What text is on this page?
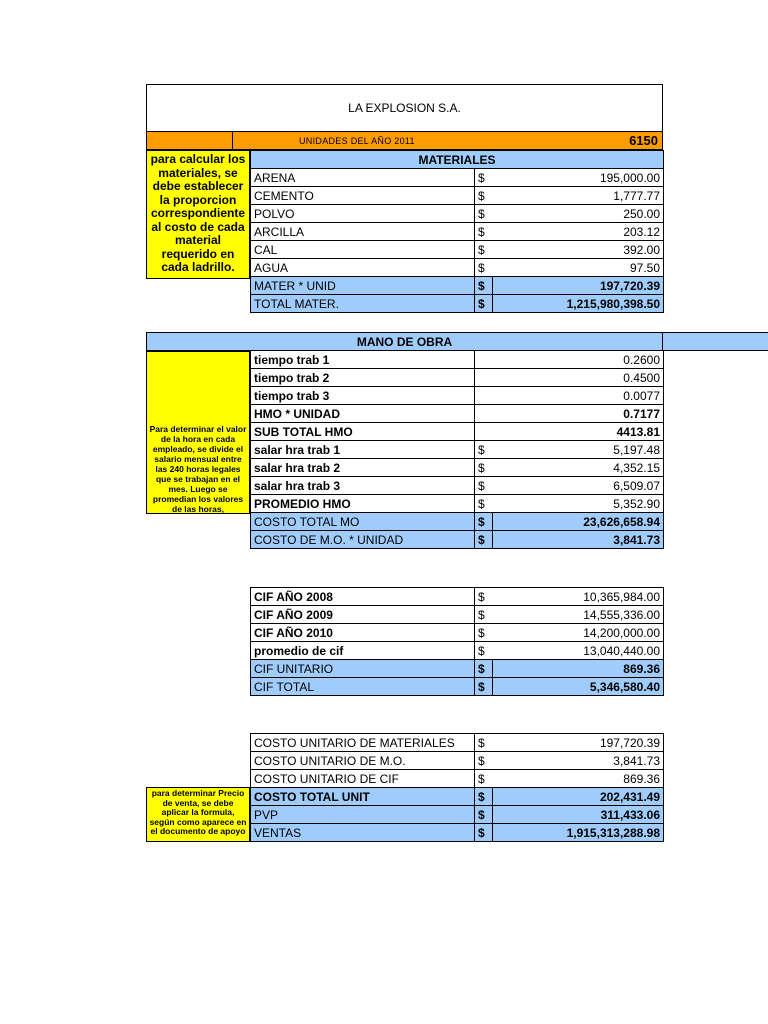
LA EXPLOSION S.A.
UNIDADES DEL AÑO 2011	6150
para calcular los materiales, se debe establecer la proporcion correspondiente al costo de cada material requerido en cada ladrillo.
MATERIALES		
ARENA	$	195,000.00
CEMENTO	$	1,777.77
POLVO	$	250.00
ARCILLA	$	203.12
CAL	$	392.00
AGUA	$	97.50
MATER * UNID	$	197,720.39
TOTAL MATER.	$	1,215,980,398.50
MANO DE OBRA
Para determinar el valor de la hora en cada empleado, se divide el salario mensual entre las 240 horas legales que se trabajan en el mes. Luego se promedian los valores de las horas,
tiempo trab 1		0.2600
tiempo trab 2		0.4500
tiempo trab 3		0.0077
HMO * UNIDAD		0.7177
SUB TOTAL HMO		4413.81
salar hra trab 1	$	5,197.48
salar hra trab 2	$	4,352.15
salar hra trab 3	$	6,509.07
PROMEDIO HMO	$	5,352.90
COSTO TOTAL MO	$	23,626,658.94
COSTO DE M.O. * UNIDAD	$	3,841.73
CIF AÑO 2008	$	10,365,984.00
CIF AÑO 2009	$	14,555,336.00
CIF AÑO 2010	$	14,200,000.00
promedio de cif	$	13,040,440.00
CIF UNITARIO	$	869.36
CIF TOTAL	$	5,346,580.40
para determinar Precio de venta, se debe aplicar la formula, según como aparece en el documento de apoyo
COSTO UNITARIO DE MATERIALES	$	197,720.39
COSTO UNITARIO DE M.O.	$	3,841.73
COSTO UNITARIO DE CIF	$	869.36
COSTO TOTAL UNIT	$	202,431.49
PVP	$	311,433.06
VENTAS	$	1,915,313,288.98
